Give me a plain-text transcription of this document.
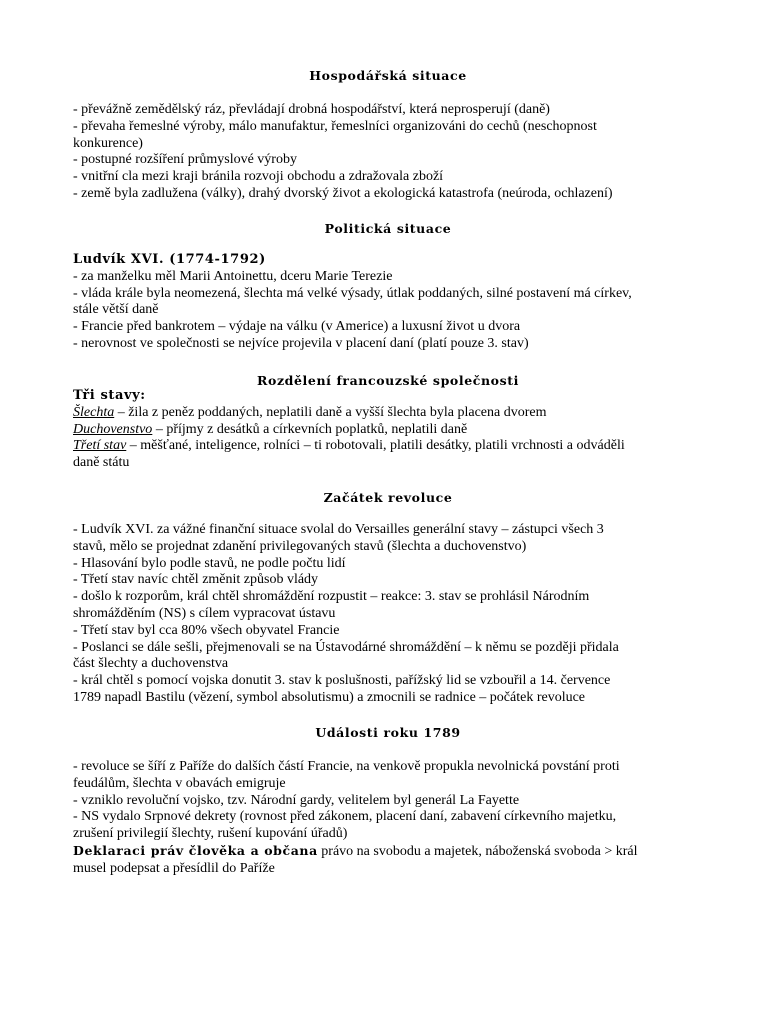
Hospodářská situace
- převážně zemědělský ráz, převládají drobná hospodářství, která neprosperují (daně)
- převaha řemeslné výroby, málo manufaktur, řemeslníci organizováni do cechů (neschopnost
konkurence)
- postupné rozšíření průmyslové výroby
- vnitřní cla mezi kraji bránila rozvoji obchodu a zdražovala zboží
- země byla zadlužena (války), drahý dvorský život a ekologická katastrofa (neúroda, ochlazení)
Politická situace
Ludvík XVI. (1774-1792)
- za manželku měl Marii Antoinettu, dceru Marie Terezie
- vláda krále byla neomezená, šlechta má velké výsady, útlak poddaných, silné postavení má církev,
stále větší daně
- Francie před bankrotem – výdaje na válku (v Americe) a luxusní život u dvora
- nerovnost ve společnosti se nejvíce projevila v placení daní (platí pouze 3. stav)
Rozdělení francouzské společnosti
Tři stavy:
Šlechta – žila z peněz poddaných, neplatili daně a vyšší šlechta byla placena dvorem
Duchovenstvo – příjmy z desátků a církevních poplatků, neplatili daně
Třetí stav – měšťané, inteligence, rolníci – ti robotovali, platili desátky, platili vrchnosti a odváděli
daně státu
Začátek revoluce
- Ludvík XVI. za vážné finanční situace svolal do Versailles generální stavy – zástupci všech 3
stavů, mělo se projednat zdanění privilegovaných stavů (šlechta a duchovenstvo)
- Hlasování bylo podle stavů, ne podle počtu lidí
- Třetí stav navíc chtěl změnit způsob vlády
- došlo k rozporům, král chtěl shromáždění rozpustit – reakce: 3. stav se prohlásil Národním
shromážděním (NS) s cílem vypracovat ústavu
- Třetí stav byl cca 80% všech obyvatel Francie
- Poslanci se dále sešli, přejmenovali se na Ústavodárné shromáždění – k němu se později přidala
část šlechty a duchovenstva
- král chtěl s pomocí vojska donutit 3. stav k poslušnosti, pařížský lid se vzbouřil a 14. července
1789 napadl Bastilu (vězení, symbol absolutismu) a zmocnili se radnice – počátek revoluce
Události roku 1789
- revoluce se šíří z Paříže do dalších částí Francie, na venkově propukla nevolnická povstání proti
feudálům, šlechta v obavách emigruje
- vzniklo revoluční vojsko, tzv. Národní gardy, velitelem byl generál La Fayette
- NS vydalo Srpnové dekrety (rovnost před zákonem, placení daní, zabavení církevního majetku,
zrušení privilegií šlechty, rušení kupování úřadů)
Deklaraci práv člověka a občana právo na svobodu a majetek, náboženská svoboda > král
musel podepsat a přesídlil do Paříže
